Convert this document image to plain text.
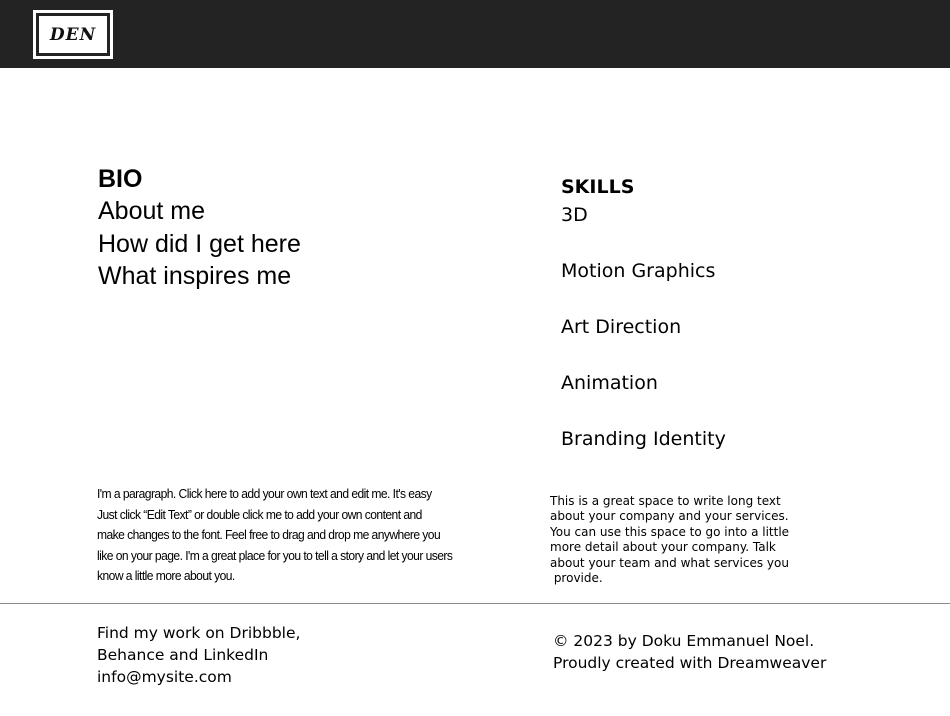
DEN
BIO
About me
How did I get here
What inspires me
SKILLS
3D
Motion Graphics
Art Direction
Animation
Branding Identity
I'm a paragraph. Click here to add your own text and edit me. It's easy
Just click “Edit Text” or double click me to add your own content and
make changes to the font. Feel free to drag and drop me anywhere you
like on your page. I'm a great place for you to tell a story and let your users
know a little more about you.
This is a great space to write long text
about your company and your services.
You can use this space to go into a little
more detail about your company. Talk
about your team and what services you
provide.
Find my work on Dribbble,
Behance and LinkedIn
info@mysite.com
© 2023 by Doku Emmanuel Noel.
Proudly created with Dreamweaver
